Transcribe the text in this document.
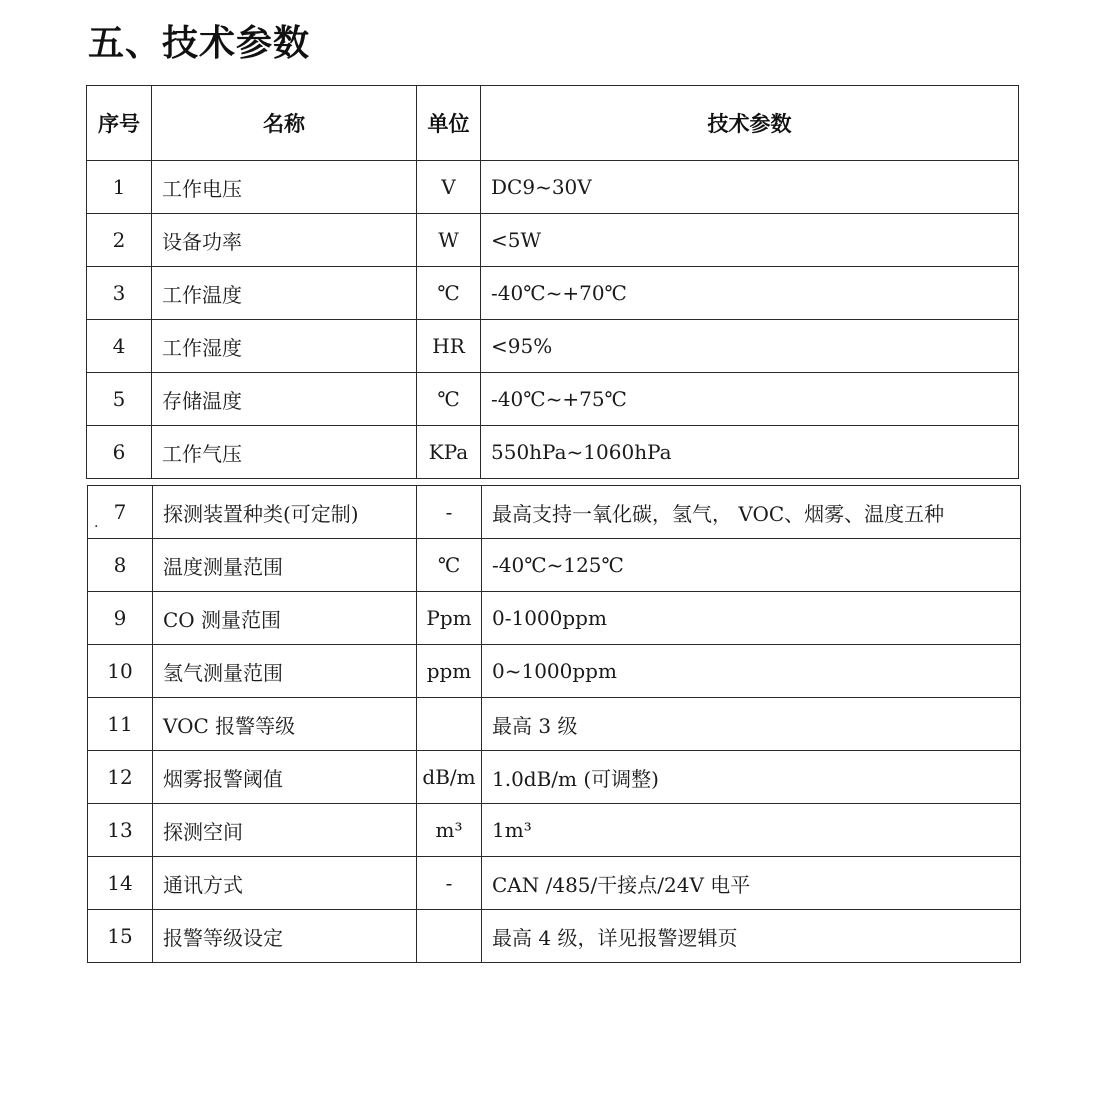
五、技术参数
序号	名称	单位	技术参数
1	工作电压	V	DC9~30V
2	设备功率	W	<5W
3	工作温度	℃	-40℃~+70℃
4	工作湿度	HR	<95%
5	存储温度	℃	-40℃~+75℃
6	工作气压	KPa	550hPa~1060hPa
. 7	探测装置种类(可定制)	-	最高支持一氧化碳，氢气， VOC、烟雾、温度五种
8	温度测量范围	℃	-40℃~125℃
9	CO 测量范围	Ppm	0-1000ppm
10	氢气测量范围	ppm	0~1000ppm
11	VOC 报警等级		最高 3 级
12	烟雾报警阈值	dB/m	1.0dB/m (可调整)
13	探测空间	m³	1m³
14	通讯方式	-	CAN /485/干接点/24V 电平
15	报警等级设定		最高 4 级，详见报警逻辑页
